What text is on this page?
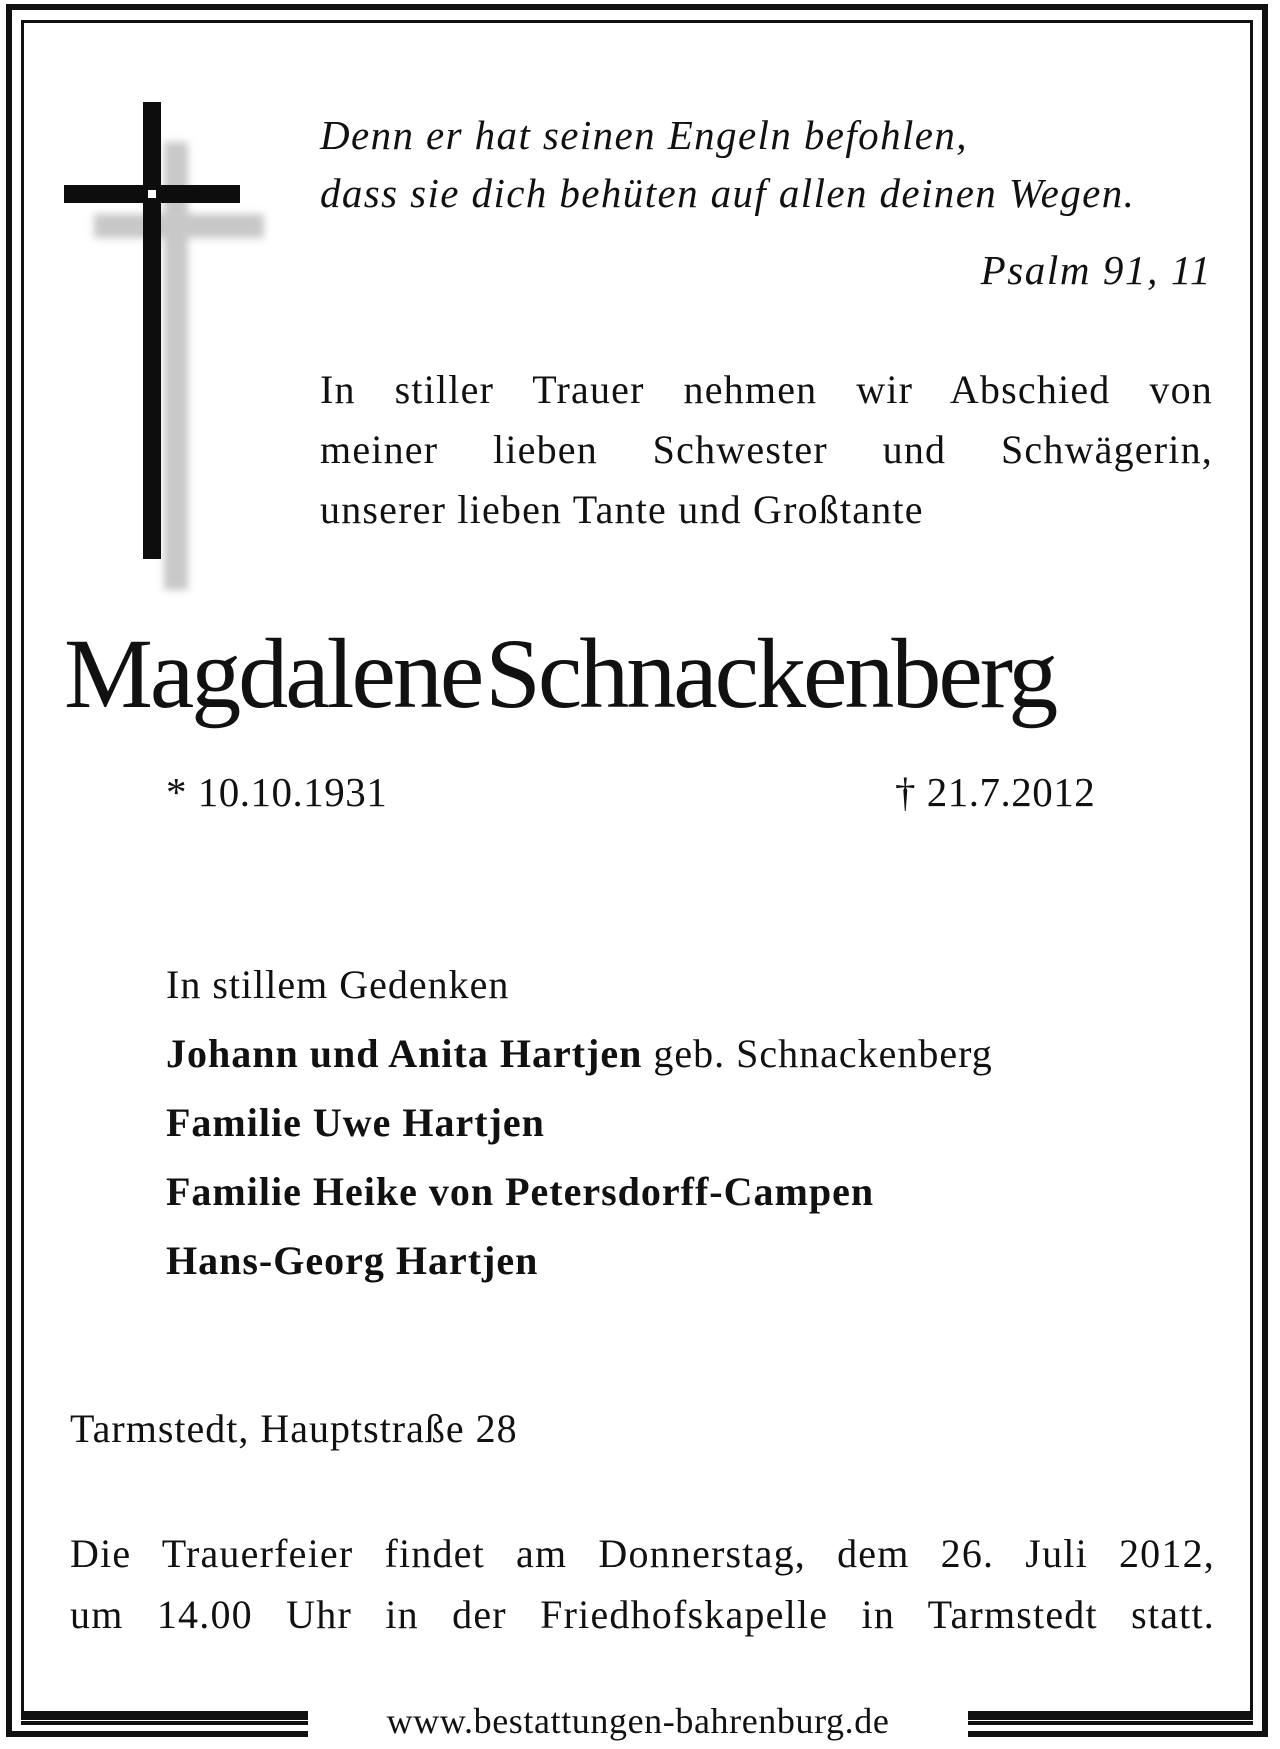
Denn er hat seinen Engeln befohlen,
dass sie dich behüten auf allen deinen Wegen.
Psalm 91, 11
In stiller Trauer nehmen wir Abschied von
meiner lieben Schwester und Schwägerin,
unserer lieben Tante und Großtante
Magdalene Schnackenberg
* 10.10.1931	† 21.7.2012
In stillem Gedenken
Johann und Anita Hartjen geb. Schnackenberg
Familie Uwe Hartjen
Familie Heike von Petersdorff-Campen
Hans-Georg Hartjen
Tarmstedt, Hauptstraße 28
Die Trauerfeier findet am Donnerstag, dem 26. Juli 2012,
um 14.00 Uhr in der Friedhofskapelle in Tarmstedt statt.
www.bestattungen-bahrenburg.de
